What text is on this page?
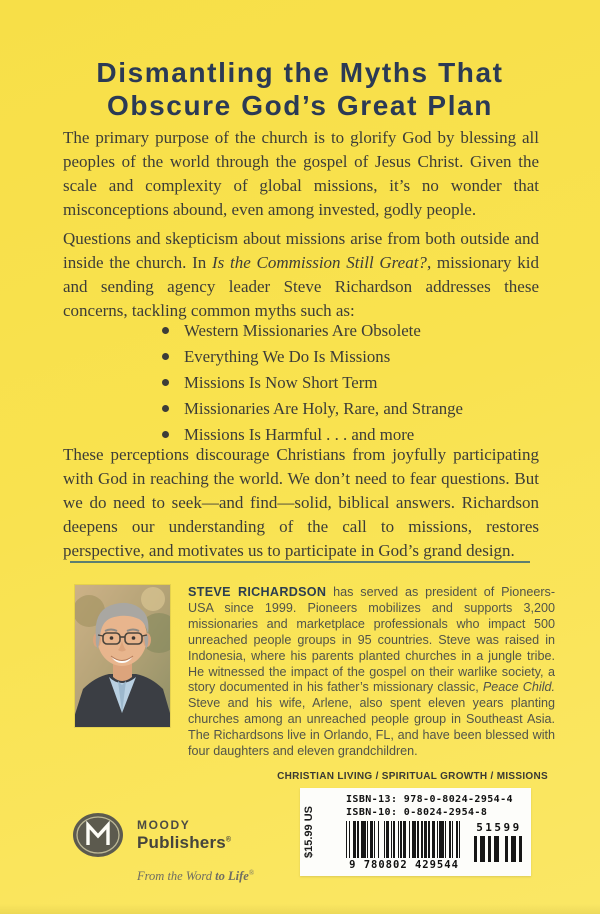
Dismantling the Myths That
Obscure God’s Great Plan

The primary purpose of the church is to glorify God by blessing all peoples of the world through the gospel of Jesus Christ. Given the scale and complexity of global missions, it’s no wonder that misconceptions abound, even among invested, godly people.

Questions and skepticism about missions arise from both outside and inside the church. In Is the Commission Still Great?, missionary kid and sending agency leader Steve Richardson addresses these concerns, tackling common myths such as:

Western Missionaries Are Obsolete
Everything We Do Is Missions
Missions Is Now Short Term
Missionaries Are Holy, Rare, and Strange
Missions Is Harmful . . . and more

These perceptions discourage Christians from joyfully participating with God in reaching the world. We don’t need to fear questions. But we do need to seek—and find—solid, biblical answers. Richardson deepens our understanding of the call to missions, restores perspective, and motivates us to participate in God’s grand design.

STEVE RICHARDSON has served as president of Pioneers-USA since 1999. Pioneers mobilizes and supports 3,200 missionaries and marketplace professionals who impact 500 unreached people groups in 95 countries. Steve was raised in Indonesia, where his parents planted churches in a jungle tribe. He witnessed the impact of the gospel on their warlike society, a story documented in his father’s missionary classic, Peace Child. Steve and his wife, Arlene, also spent eleven years planting churches among an unreached people group in Southeast Asia. The Richardsons live in Orlando, FL, and have been blessed with four daughters and eleven grandchildren.
CHRISTIAN LIVING / SPIRITUAL GROWTH / MISSIONS
$15.99 US
ISBN-13: 978-0-8024-2954-4
ISBN-10: 0-8024-2954-8
9 780802 429544
51599
MOODY
Publishers®
From the Word to Life®
